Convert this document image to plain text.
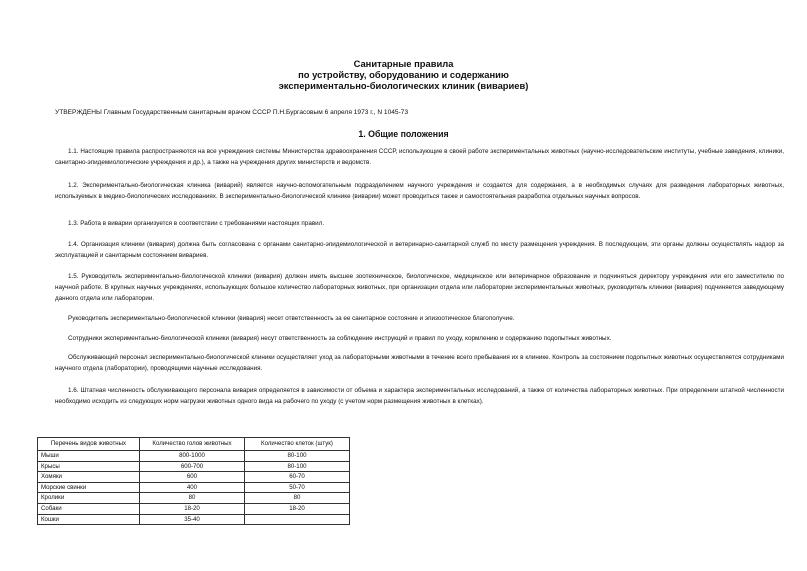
Санитарные правила
по устройству, оборудованию и содержанию
экспериментально-биологических клиник (вивариев)
УТВЕРЖДЕНЫ Главным Государственным санитарным врачом СССР П.Н.Бургасовым 6 апреля 1973 г., N 1045-73
1. Общие положения

1.1. Настоящие правила распространяются на все учреждения системы Министерства здравоохранения СССР, использующие в своей работе экспериментальных животных (научно-исследовательские институты, учебные заведения, клиники, санитарно-эпидемиологические учреждения и др.), а также на учреждения других министерств и ведомств.

1.2. Экспериментально-биологическая клиника (виварий) является научно-вспомогательным подразделением научного учреждения и создается для содержания, а в необходимых случаях для разведения лабораторных животных, используемых в медико-биологических исследованиях. В экспериментально-биологической клинике (виварии) может проводиться также и самостоятельная разработка отдельных научных вопросов.

1.3. Работа в виварии организуется в соответствии с требованиями настоящих правил.

1.4. Организация клиники (вивария) должна быть согласована с органами санитарно-эпидемиологической и ветеринарно-санитарной служб по месту размещения учреждения. В последующем, эти органы должны осуществлять надзор за эксплуатацией и санитарным состоянием вивариев.

1.5. Руководитель экспериментально-биологической клиники (вивария) должен иметь высшее зоотехническое, биологическое, медицинское или ветеринарное образование и подчиняться директору учреждения или его заместителю по научной работе. В крупных научных учреждениях, использующих большое количество лабораторных животных, при организации отдела или лаборатории экспериментальных животных, руководитель клиники (вивария) подчиняется заведующему данного отдела или лаборатории.

Руководитель экспериментально-биологической клиники (вивария) несет ответственность за ее санитарное состояние и эпизоотическое благополучие.

Сотрудники экспериментально-биологической клиники (вивария) несут ответственность за соблюдение инструкций и правил по уходу, кормлению и содержанию подопытных животных.

Обслуживающий персонал экспериментально-биологической клиники осуществляет уход за лабораторными животными в течение всего пребывания их в клинике. Контроль за состоянием подопытных животных осуществляется сотрудниками научного отдела (лаборатории), проводящими научные исследования.

1.6. Штатная численность обслуживающего персонала вивария определяется в зависимости от объема и характера экспериментальных исследований, а также от количества лабораторных животных. При определении штатной численности необходимо исходить из следующих норм нагрузки животных одного вида на рабочего по уходу (с учетом норм размещения животных в клетках).

Перечень видов животных	Количество голов животных	Количество клеток (штук)
Мыши	800-1000	80-100
Крысы	600-700	80-100
Хомяки	600	60-70
Морские свинки	400	50-70
Кролики	80	80
Собаки	18-20	18-20
Кошки	35-40	
